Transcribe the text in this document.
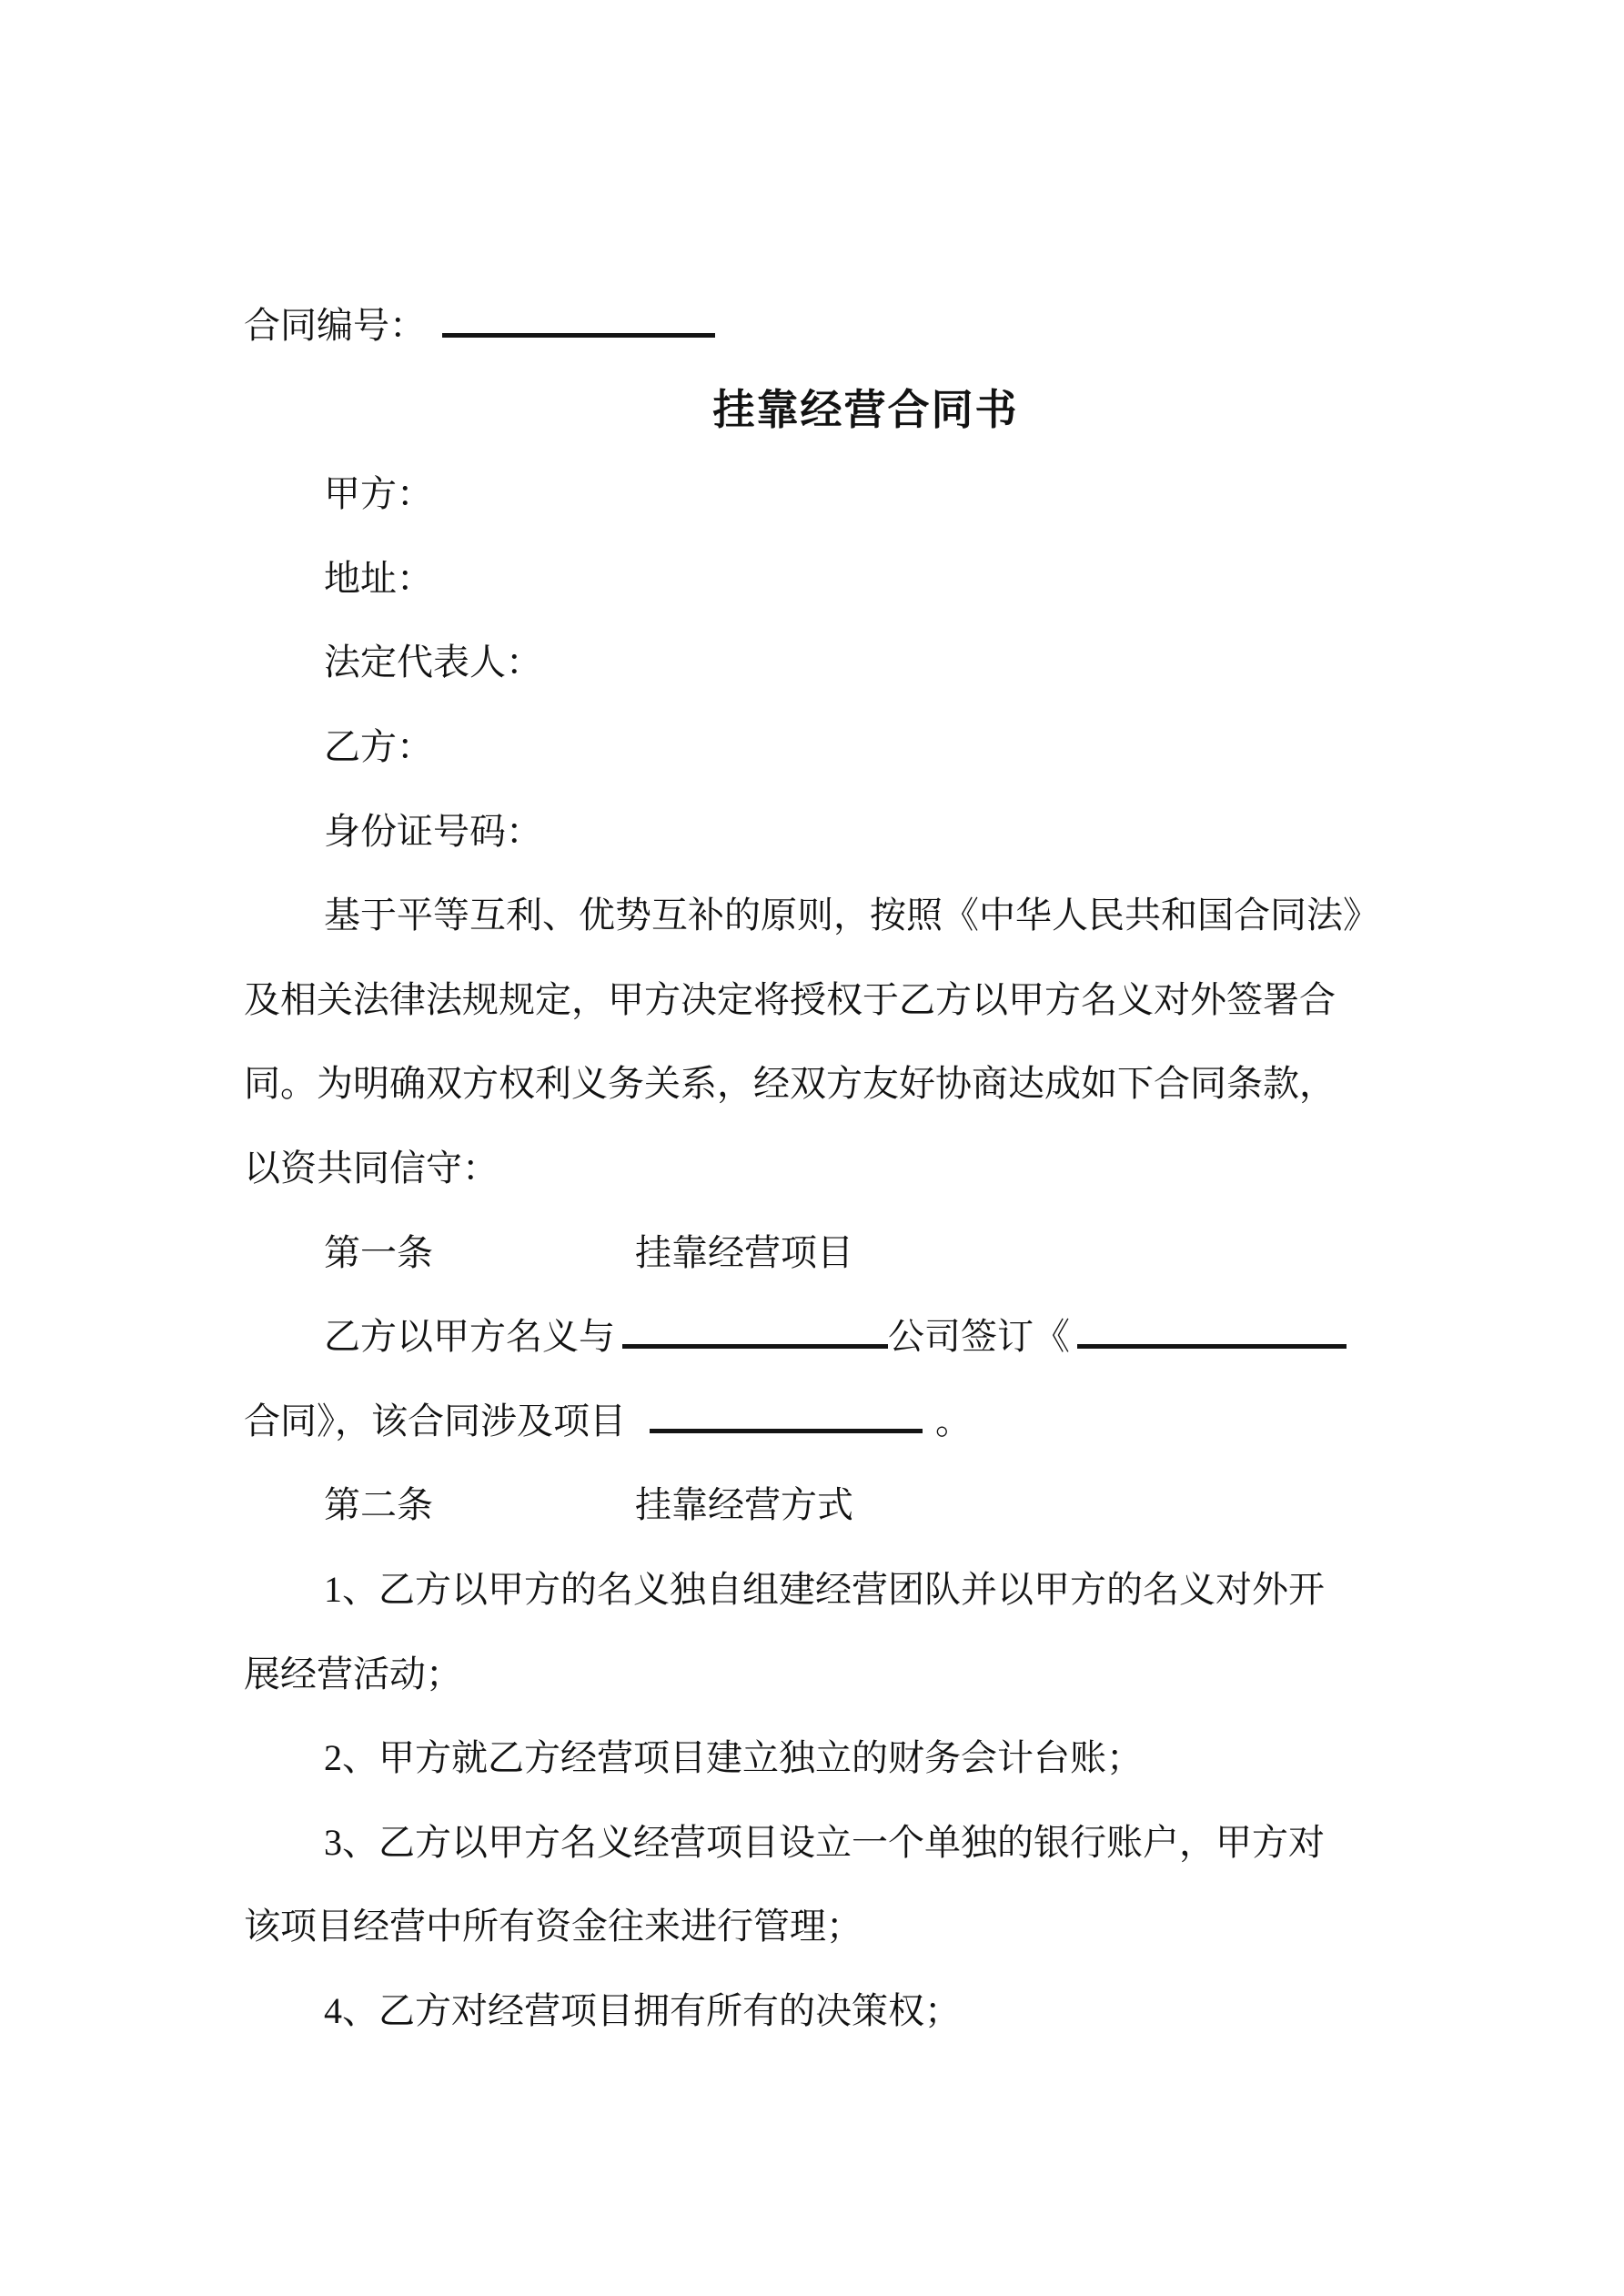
合同编号：
挂靠经营合同书
甲方：
地址：
法定代表人：
乙方：
身份证号码：
基于平等互利、优势互补的原则，按照《中华人民共和国合同法》
及相关法律法规规定，甲方决定将授权于乙方以甲方名义对外签署合
同。为明确双方权利义务关系，经双方友好协商达成如下合同条款，
以资共同信守：
第一条	挂靠经营项目
乙方以甲方名义与	公司签订《
合同》，该合同涉及项目	。
第二条	挂靠经营方式
1、乙方以甲方的名义独自组建经营团队并以甲方的名义对外开
展经营活动；
2、甲方就乙方经营项目建立独立的财务会计台账；
3、乙方以甲方名义经营项目设立一个单独的银行账户，甲方对
该项目经营中所有资金往来进行管理；
4、乙方对经营项目拥有所有的决策权；
